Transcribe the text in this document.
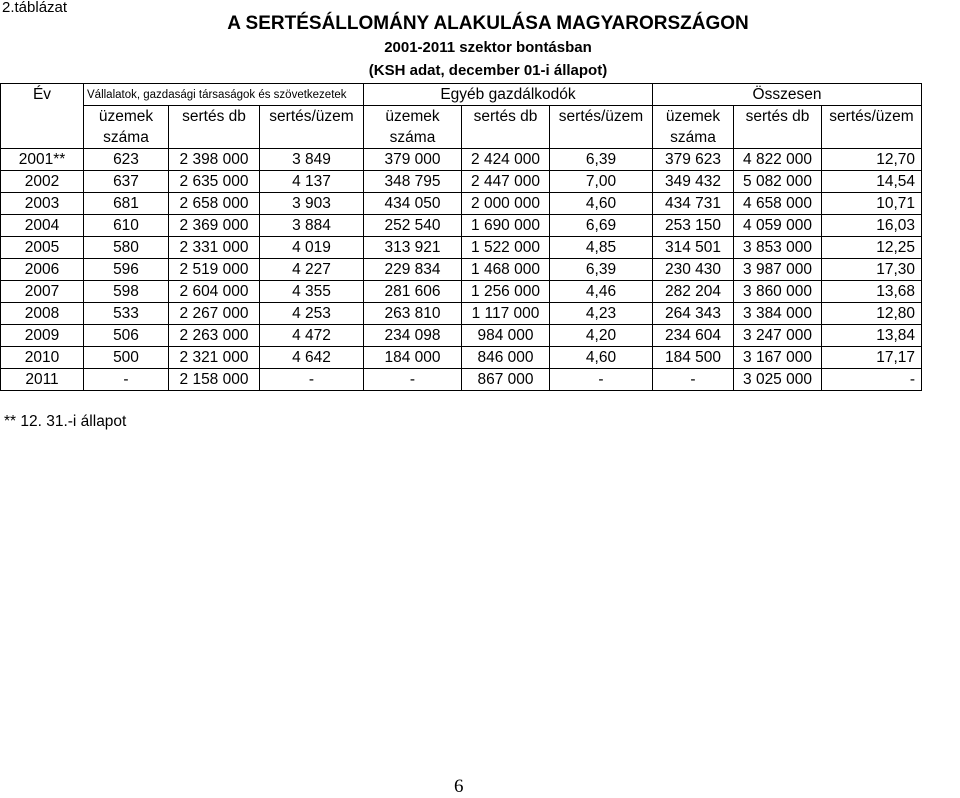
2.táblázat
A SERTÉSÁLLOMÁNY ALAKULÁSA MAGYARORSZÁGON
2001-2011 szektor bontásban
(KSH adat, december 01-i állapot)
Év	Vállalatok, gazdasági társaságok és szövetkezetek			Egyéb gazdálkodók			Összesen		
	üzemek	sertés db	sertés/üzem	üzemek	sertés db	sertés/üzem	üzemek	sertés db	sertés/üzem
	száma			száma			száma		
2001**	623	2 398 000	3 849	379 000	2 424 000	6,39	379 623	4 822 000	12,70
2002	637	2 635 000	4 137	348 795	2 447 000	7,00	349 432	5 082 000	14,54
2003	681	2 658 000	3 903	434 050	2 000 000	4,60	434 731	4 658 000	10,71
2004	610	2 369 000	3 884	252 540	1 690 000	6,69	253 150	4 059 000	16,03
2005	580	2 331 000	4 019	313 921	1 522 000	4,85	314 501	3 853 000	12,25
2006	596	2 519 000	4 227	229 834	1 468 000	6,39	230 430	3 987 000	17,30
2007	598	2 604 000	4 355	281 606	1 256 000	4,46	282 204	3 860 000	13,68
2008	533	2 267 000	4 253	263 810	1 117 000	4,23	264 343	3 384 000	12,80
2009	506	2 263 000	4 472	234 098	984 000	4,20	234 604	3 247 000	13,84
2010	500	2 321 000	4 642	184 000	846 000	4,60	184 500	3 167 000	17,17
2011	-	2 158 000	-	-	867 000	-	-	3 025 000	-
** 12. 31.-i állapot
6
